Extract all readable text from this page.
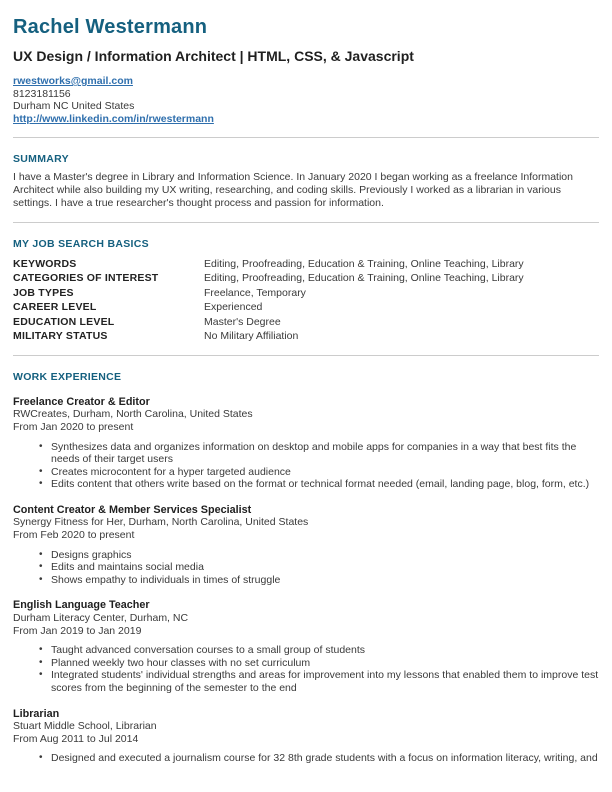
Rachel Westermann
UX Design / Information Architect | HTML, CSS, & Javascript
rwestworks@gmail.com
8123181156
Durham NC United States
http://www.linkedin.com/in/rwestermann
SUMMARY

I have a Master's degree in Library and Information Science. In January 2020 I began working as a freelance Information Architect while also building my UX writing, researching, and coding skills. Previously I worked as a librarian in various settings. I have a true researcher's thought process and passion for information.

MY JOB SEARCH BASICS
KEYWORDS	Editing, Proofreading, Education & Training, Online Teaching, Library
CATEGORIES OF INTEREST	Editing, Proofreading, Education & Training, Online Teaching, Library
JOB TYPES	Freelance, Temporary
CAREER LEVEL	Experienced
EDUCATION LEVEL	Master's Degree
MILITARY STATUS	No Military Affiliation
WORK EXPERIENCE
Freelance Creator & Editor
RWCreates, Durham, North Carolina, United States
From Jan 2020 to present
• Synthesizes data and organizes information on desktop and mobile apps for companies in a way that best fits the needs of their target users
• Creates microcontent for a hyper targeted audience
• Edits content that others write based on the format or technical format needed (email, landing page, blog, form, etc.)
Content Creator & Member Services Specialist
Synergy Fitness for Her, Durham, North Carolina, United States
From Feb 2020 to present
• Designs graphics
• Edits and maintains social media
• Shows empathy to individuals in times of struggle
English Language Teacher
Durham Literacy Center, Durham, NC
From Jan 2019 to Jan 2019
• Taught advanced conversation courses to a small group of students
• Planned weekly two hour classes with no set curriculum
• Integrated students' individual strengths and areas for improvement into my lessons that enabled them to improve test scores from the beginning of the semester to the end
Librarian
Stuart Middle School, Librarian
From Aug 2011 to Jul 2014
• Designed and executed a journalism course for 32 8th grade students with a focus on information literacy, writing, and
